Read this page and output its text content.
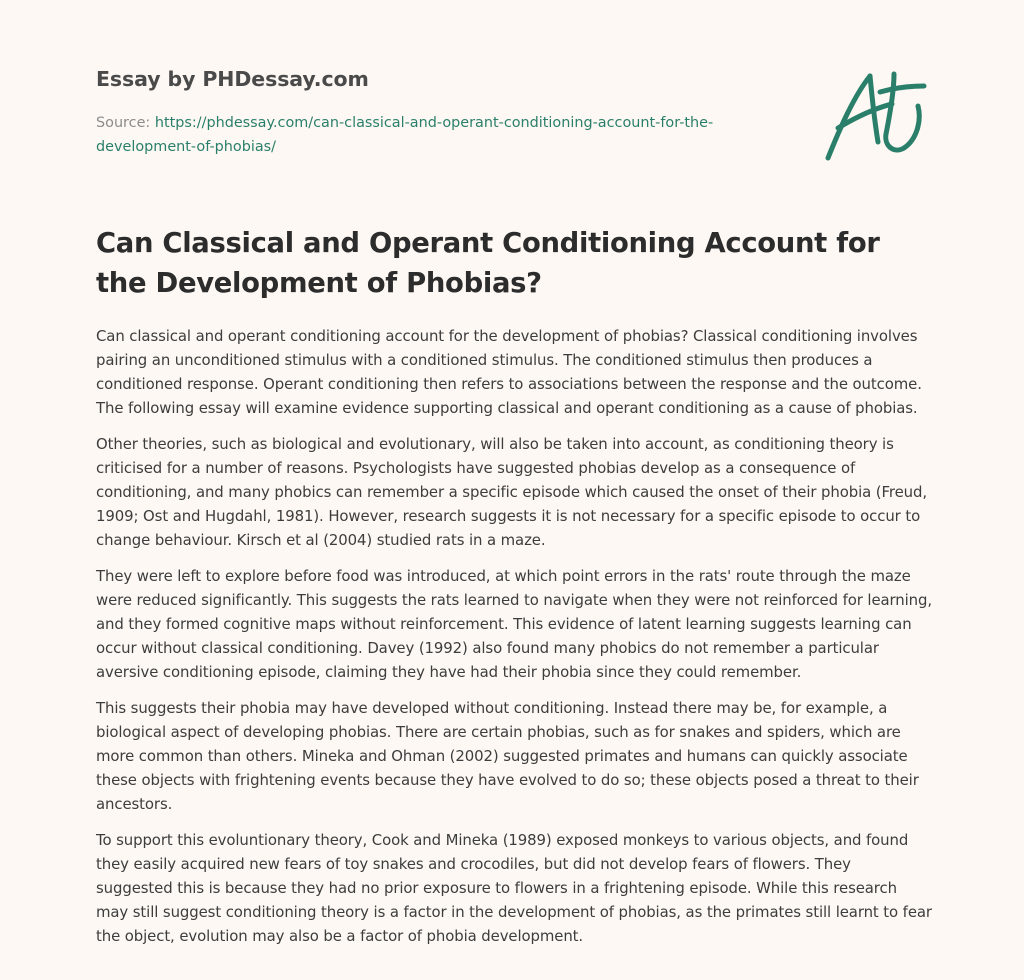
Essay by PHDessay.com
Source: https://phdessay.com/can-classical-and-operant-conditioning-account-for-the-development-of-phobias/
Can Classical and Operant Conditioning Account for the Development of Phobias?

Can classical and operant conditioning account for the development of phobias? Classical conditioning involves pairing an unconditioned stimulus with a conditioned stimulus. The conditioned stimulus then produces a conditioned response. Operant conditioning then refers to associations between the response and the outcome. The following essay will examine evidence supporting classical and operant conditioning as a cause of phobias.

Other theories, such as biological and evolutionary, will also be taken into account, as conditioning theory is criticised for a number of reasons. Psychologists have suggested phobias develop as a consequence of conditioning, and many phobics can remember a specific episode which caused the onset of their phobia (Freud, 1909; Ost and Hugdahl, 1981). However, research suggests it is not necessary for a specific episode to occur to change behaviour. Kirsch et al (2004) studied rats in a maze.

They were left to explore before food was introduced, at which point errors in the rats' route through the maze were reduced significantly. This suggests the rats learned to navigate when they were not reinforced for learning, and they formed cognitive maps without reinforcement. This evidence of latent learning suggests learning can occur without classical conditioning. Davey (1992) also found many phobics do not remember a particular aversive conditioning episode, claiming they have had their phobia since they could remember.

This suggests their phobia may have developed without conditioning. Instead there may be, for example, a biological aspect of developing phobias. There are certain phobias, such as for snakes and spiders, which are more common than others. Mineka and Ohman (2002) suggested primates and humans can quickly associate these objects with frightening events because they have evolved to do so; these objects posed a threat to their ancestors.

To support this evoluntionary theory, Cook and Mineka (1989) exposed monkeys to various objects, and found they easily acquired new fears of toy snakes and crocodiles, but did not develop fears of flowers. They suggested this is because they had no prior exposure to flowers in a frightening episode. While this research may still suggest conditioning theory is a factor in the development of phobias, as the primates still learnt to fear the object, evolution may also be a factor of phobia development.
